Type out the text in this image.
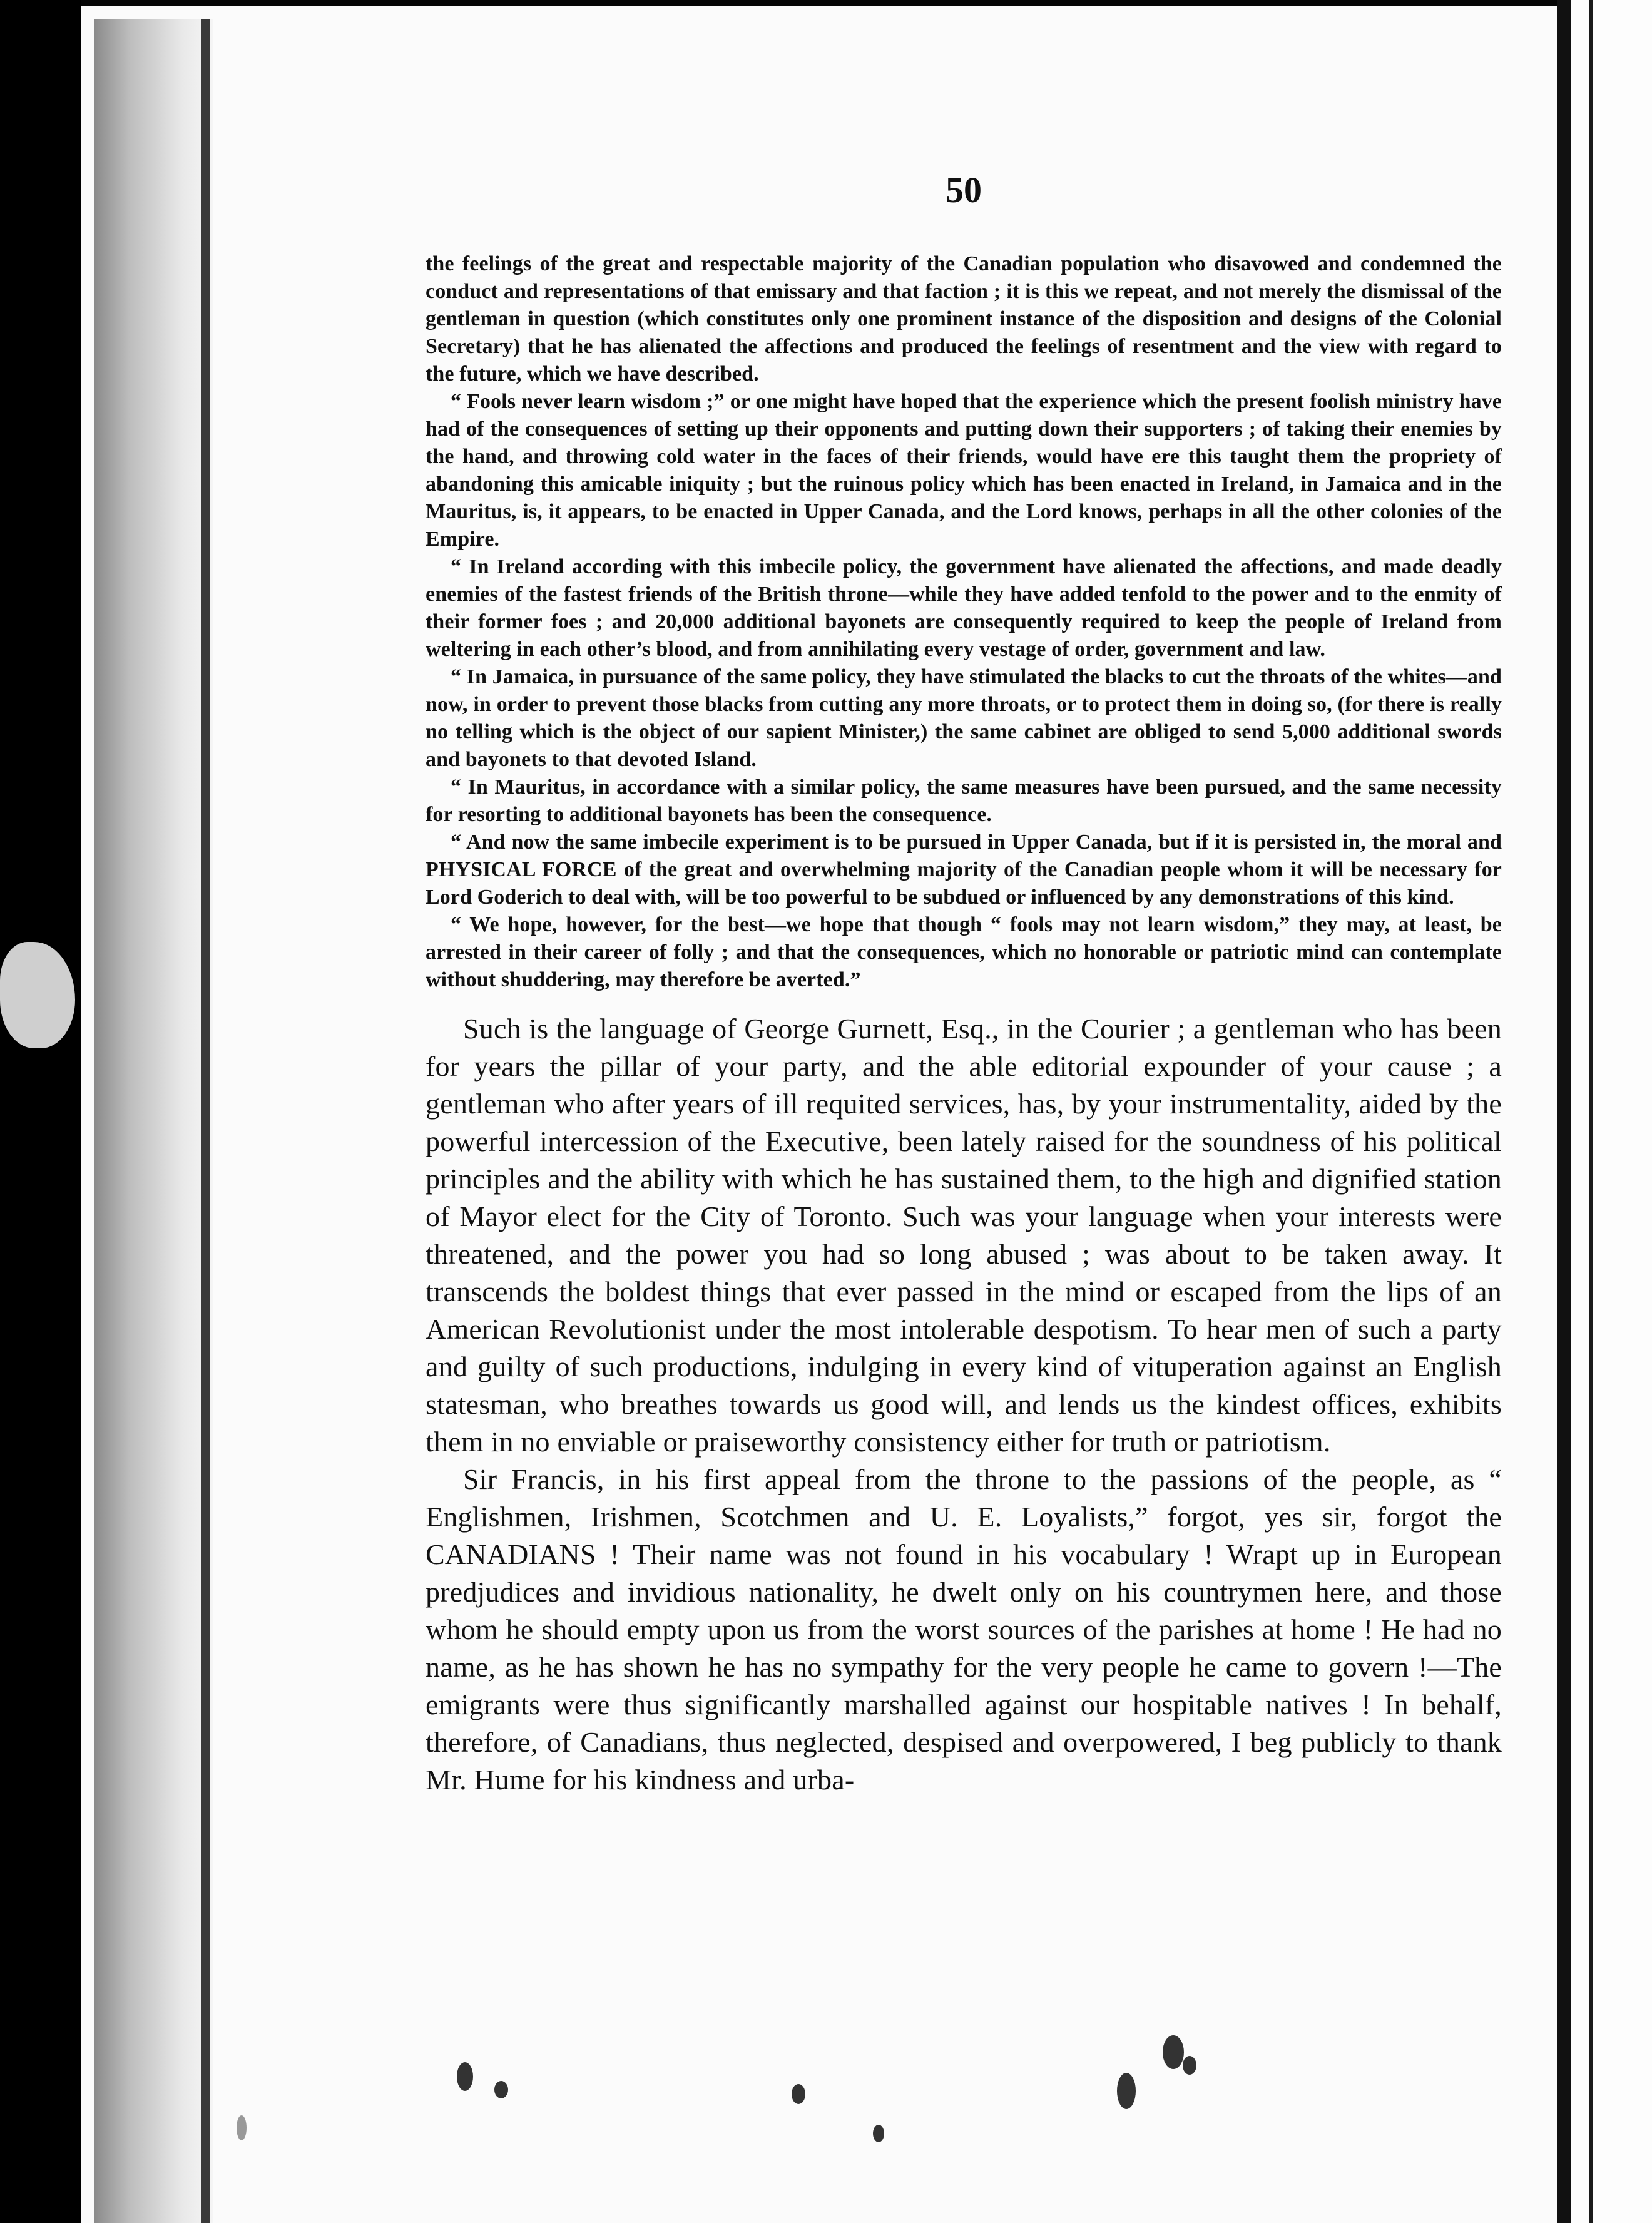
50

the feelings of the great and respectable majority of the Canadian population who disavowed and condemned the conduct and representations of that emissary and that faction ; it is this we repeat, and not merely the dismissal of the gentleman in question (which constitutes only one prominent instance of the disposition and designs of the Colonial Secretary) that he has alienated the affections and produced the feelings of resentment and the view with regard to the future, which we have described.

“ Fools never learn wisdom ;” or one might have hoped that the experience which the present foolish ministry have had of the consequences of setting up their opponents and putting down their supporters ; of taking their enemies by the hand, and throwing cold water in the faces of their friends, would have ere this taught them the propriety of abandoning this amicable iniquity ; but the ruinous policy which has been enacted in Ireland, in Jamaica and in the Mauritus, is, it appears, to be enacted in Upper Canada, and the Lord knows, perhaps in all the other colonies of the Empire.

“ In Ireland according with this imbecile policy, the government have alienated the affections, and made deadly enemies of the fastest friends of the British throne—while they have added tenfold to the power and to the enmity of their former foes ; and 20,000 additional bayonets are consequently required to keep the people of Ireland from weltering in each other’s blood, and from annihilating every vestage of order, government and law.

“ In Jamaica, in pursuance of the same policy, they have stimulated the blacks to cut the throats of the whites—and now, in order to prevent those blacks from cutting any more throats, or to protect them in doing so, (for there is really no telling which is the object of our sapient Minister,) the same cabinet are obliged to send 5,000 additional swords and bayonets to that devoted Island.

“ In Mauritus, in accordance with a similar policy, the same measures have been pursued, and the same necessity for resorting to additional bayonets has been the consequence.

“ And now the same imbecile experiment is to be pursued in Upper Canada, but if it is persisted in, the moral and PHYSICAL FORCE of the great and overwhelming majority of the Canadian people whom it will be necessary for Lord Goderich to deal with, will be too powerful to be subdued or influenced by any demonstrations of this kind.

“ We hope, however, for the best—we hope that though “ fools may not learn wisdom,” they may, at least, be arrested in their career of folly ; and that the consequences, which no honorable or patriotic mind can contemplate without shuddering, may therefore be averted.”

Such is the language of George Gurnett, Esq., in the Courier ; a gentleman who has been for years the pillar of your party, and the able editorial expounder of your cause ; a gentleman who after years of ill requited services, has, by your instrumentality, aided by the powerful intercession of the Executive, been lately raised for the soundness of his political principles and the ability with which he has sustained them, to the high and dignified station of Mayor elect for the City of Toronto. Such was your language when your interests were threatened, and the power you had so long abused ; was about to be taken away. It transcends the boldest things that ever passed in the mind or escaped from the lips of an American Revolutionist under the most intolerable despotism. To hear men of such a party and guilty of such productions, indulging in every kind of vituperation against an English statesman, who breathes towards us good will, and lends us the kindest offices, exhibits them in no enviable or praiseworthy consistency either for truth or patriotism.

Sir Francis, in his first appeal from the throne to the passions of the people, as “ Englishmen, Irishmen, Scotchmen and U. E. Loyalists,” forgot, yes sir, forgot the CANADIANS ! Their name was not found in his vocabulary ! Wrapt up in European predjudices and invidious nationality, he dwelt only on his countrymen here, and those whom he should empty upon us from the worst sources of the parishes at home ! He had no name, as he has shown he has no sympathy for the very people he came to govern !—The emigrants were thus significantly marshalled against our hospitable natives ! In behalf, therefore, of Canadians, thus neglected, despised and overpowered, I beg publicly to thank Mr. Hume for his kindness and urba-
